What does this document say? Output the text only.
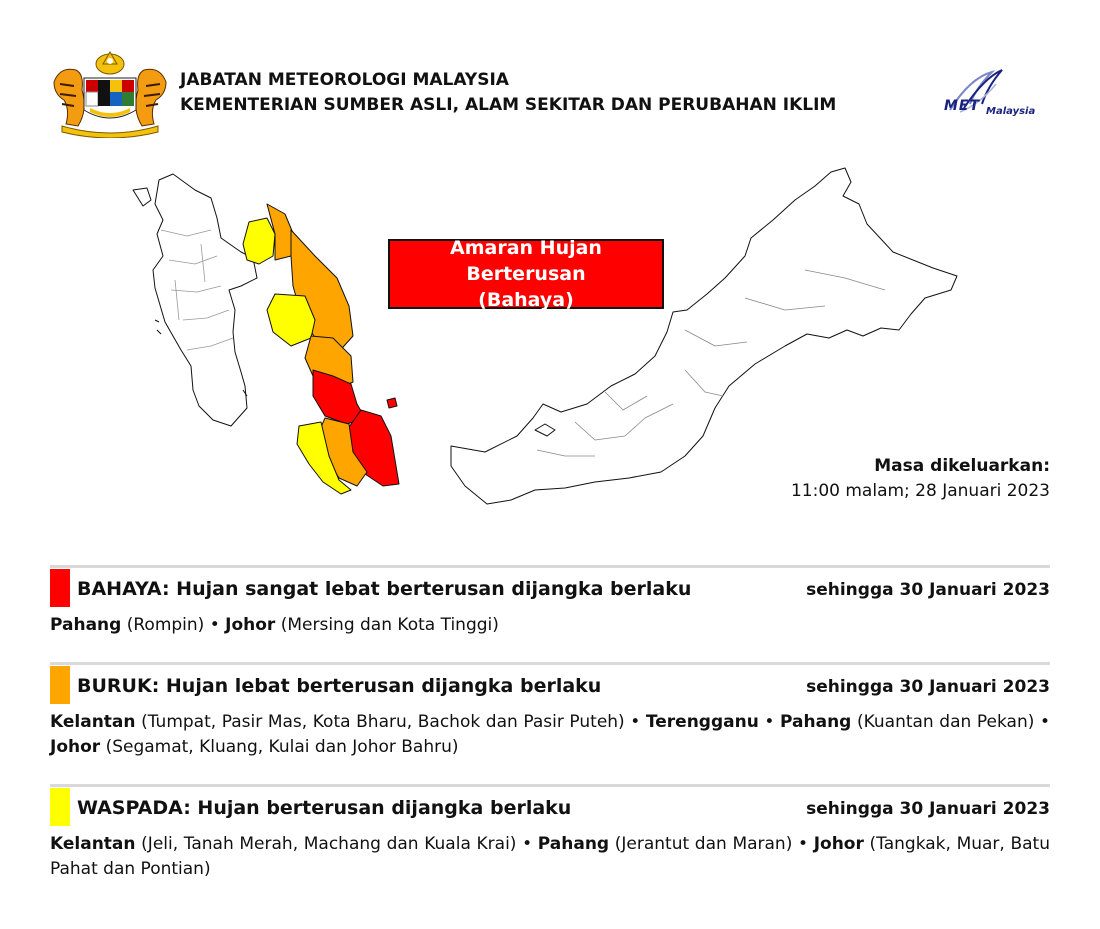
JABATAN METEOROLOGI MALAYSIA
KEMENTERIAN SUMBER ASLI, ALAM SEKITAR DAN PERUBAHAN IKLIM	MET Malaysia
Amaran Hujan Berterusan
(Bahaya)
Masa dikeluarkan:
11:00 malam; 28 Januari 2023
BAHAYA: Hujan sangat lebat berterusan dijangka berlaku	sehingga 30 Januari 2023
Pahang (Rompin) • Johor (Mersing dan Kota Tinggi)
BURUK: Hujan lebat berterusan dijangka berlaku	sehingga 30 Januari 2023
Kelantan (Tumpat, Pasir Mas, Kota Bharu, Bachok dan Pasir Puteh) • Terengganu • Pahang (Kuantan dan Pekan) • Johor (Segamat, Kluang, Kulai dan Johor Bahru)
WASPADA: Hujan berterusan dijangka berlaku	sehingga 30 Januari 2023
Kelantan (Jeli, Tanah Merah, Machang dan Kuala Krai) • Pahang (Jerantut dan Maran) • Johor (Tangkak, Muar, Batu Pahat dan Pontian)
